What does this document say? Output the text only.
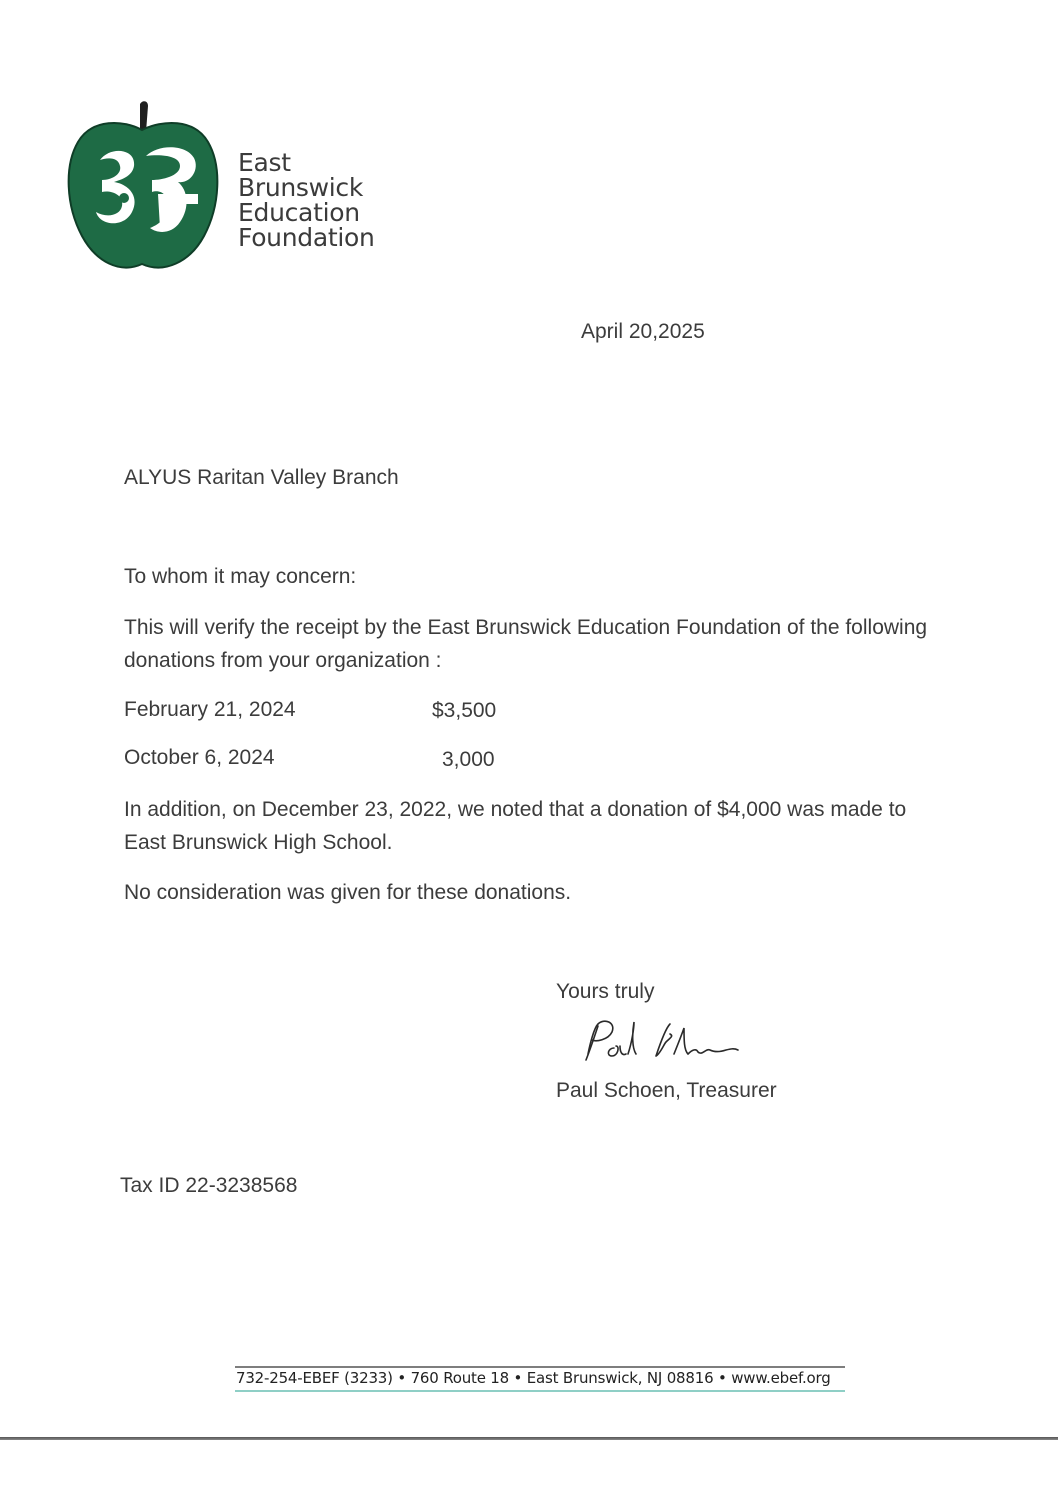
East
Brunswick
Education
Foundation
April 20,2025
ALYUS Raritan Valley Branch
To whom it may concern:
This will verify the receipt by the East Brunswick Education Foundation of the following donations from your organization :
February 21, 2024	$3,500
October 6, 2024	3,000
In addition, on December 23, 2022, we noted that a donation of $4,000 was made to East Brunswick High School.
No consideration was given for these donations.
Yours truly
Paul Schoen, Treasurer
Tax ID 22-3238568
732-254-EBEF (3233) • 760 Route 18 • East Brunswick, NJ 08816 • www.ebef.org
